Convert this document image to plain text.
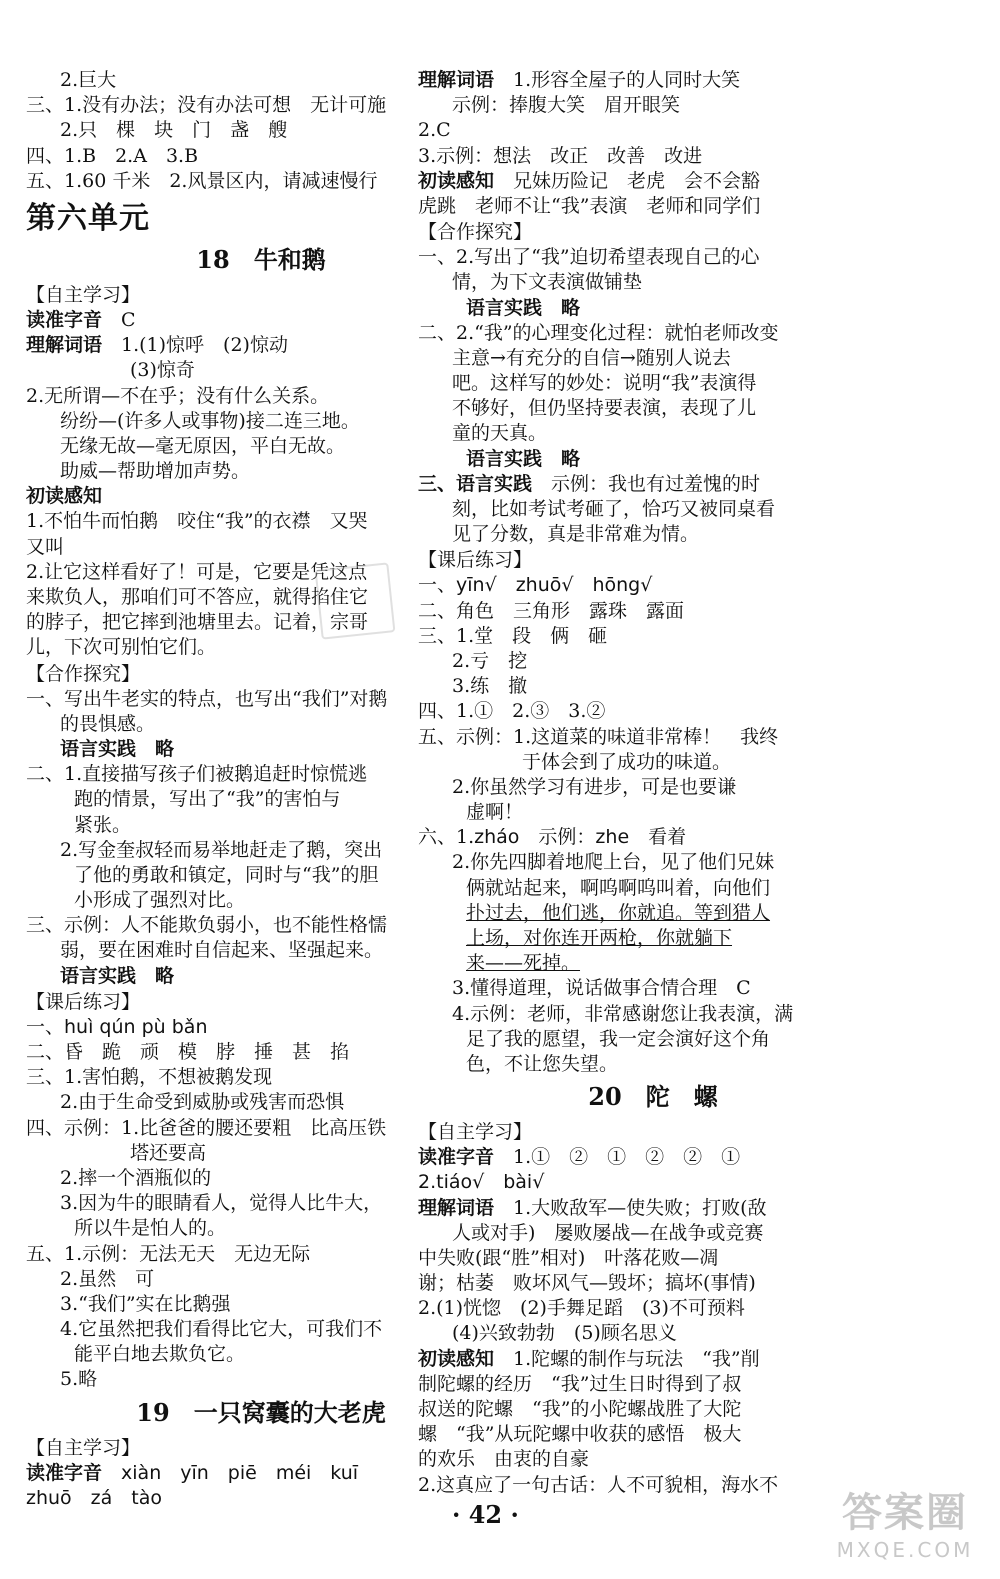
2.巨大
三、1.没有办法；没有办法可想　无计可施
2.只　棵　块　门　盏　艘
四、1.B　2.A　3.B
五、1.60 千米　2.风景区内，请减速慢行
第六单元
18　牛和鹅
【自主学习】
读准字音　C
理解词语　1.(1)惊呼　(2)惊动
(3)惊奇
2.无所谓—不在乎；没有什么关系。
纷纷—(许多人或事物)接二连三地。
无缘无故—毫无原因，平白无故。
助威—帮助增加声势。
初读感知
1.不怕牛而怕鹅　咬住“我”的衣襟　又哭
又叫
2.让它这样看好了！可是，它要是凭这点
来欺负人，那咱们可不答应，就得掐住它
的脖子，把它摔到池塘里去。记着，宗哥
儿，下次可别怕它们。
【合作探究】
一、写出牛老实的特点，也写出“我们”对鹅
的畏惧感。
语言实践　略
二、1.直接描写孩子们被鹅追赶时惊慌逃
跑的情景，写出了“我”的害怕与
紧张。
2.写金奎叔轻而易举地赶走了鹅，突出
了他的勇敢和镇定，同时与“我”的胆
小形成了强烈对比。
三、示例：人不能欺负弱小，也不能性格懦
弱，要在困难时自信起来、坚强起来。
语言实践　略
【课后练习】
一、huì qún pù bǎn
二、昏　跪　顽　模　脖　捶　甚　掐
三、1.害怕鹅，不想被鹅发现
2.由于生命受到威胁或残害而恐惧
四、示例：1.比爸爸的腰还要粗　比高压铁
塔还要高
2.摔一个酒瓶似的
3.因为牛的眼睛看人，觉得人比牛大，
所以牛是怕人的。
五、1.示例：无法无天　无边无际
2.虽然　可
3.“我们”实在比鹅强
4.它虽然把我们看得比它大，可我们不
能平白地去欺负它。
5.略
19　一只窝囊的大老虎
【自主学习】
读准字音　 xiàn　yīn　piē　méi　kuī
zhuō　zá　tào
理解词语　1.形容全屋子的人同时大笑
示例：捧腹大笑　眉开眼笑
2.C
3.示例：想法　改正　改善　改进
初读感知　兄妹历险记　老虎　会不会豁
虎跳　老师不让“我”表演　老师和同学们
【合作探究】
一、2.写出了“我”迫切希望表现自己的心
情，为下文表演做铺垫
语言实践　略
二、2.“我”的心理变化过程：就怕老师改变
主意→有充分的自信→随别人说去
吧。这样写的妙处：说明“我”表演得
不够好，但仍坚持要表演，表现了儿
童的天真。
语言实践　略
三、语言实践　示例：我也有过羞愧的时
刻，比如考试考砸了，恰巧又被同桌看
见了分数，真是非常难为情。
【课后练习】
一、yīn√　zhuō√　hōng√
二、角色　三角形　露珠　露面
三、1.堂　段　俩　砸
2.亏　挖
3.练　撤
四、1.①　2.③　3.②
五、示例：1.这道菜的味道非常棒！　我终
于体会到了成功的味道。
2.你虽然学习有进步，可是也要谦
虚啊！
六、1.zháo　示例：zhe　看着
2.你先四脚着地爬上台，见了他们兄妹
俩就站起来，啊呜啊呜叫着，向他们
扑过去，他们逃，你就追。等到猎人
上场，对你连开两枪，你就躺下
来——死掉。
3.懂得道理，说话做事合情合理　C
4.示例：老师，非常感谢您让我表演，满
足了我的愿望，我一定会演好这个角
色，不让您失望。
20　陀　螺
【自主学习】
读准字音　1.①　②　①　②　②　①
2.tiáo√　bài√
理解词语　1.大败敌军—使失败；打败(敌
人或对手)　屡败屡战—在战争或竞赛
中失败(跟“胜”相对)　叶落花败—凋
谢；枯萎　败坏风气—毁坏；搞坏(事情)
2.(1)恍惚　(2)手舞足蹈　(3)不可预料
(4)兴致勃勃　(5)顾名思义
初读感知　1.陀螺的制作与玩法　“我”削
制陀螺的经历　“我”过生日时得到了叔
叔送的陀螺　“我”的小陀螺战胜了大陀
螺　“我”从玩陀螺中收获的感悟　极大
的欢乐　由衷的自豪
2.这真应了一句古话：人不可貌相，海水不
· 42 ·	答案圈
MXQE.COM
